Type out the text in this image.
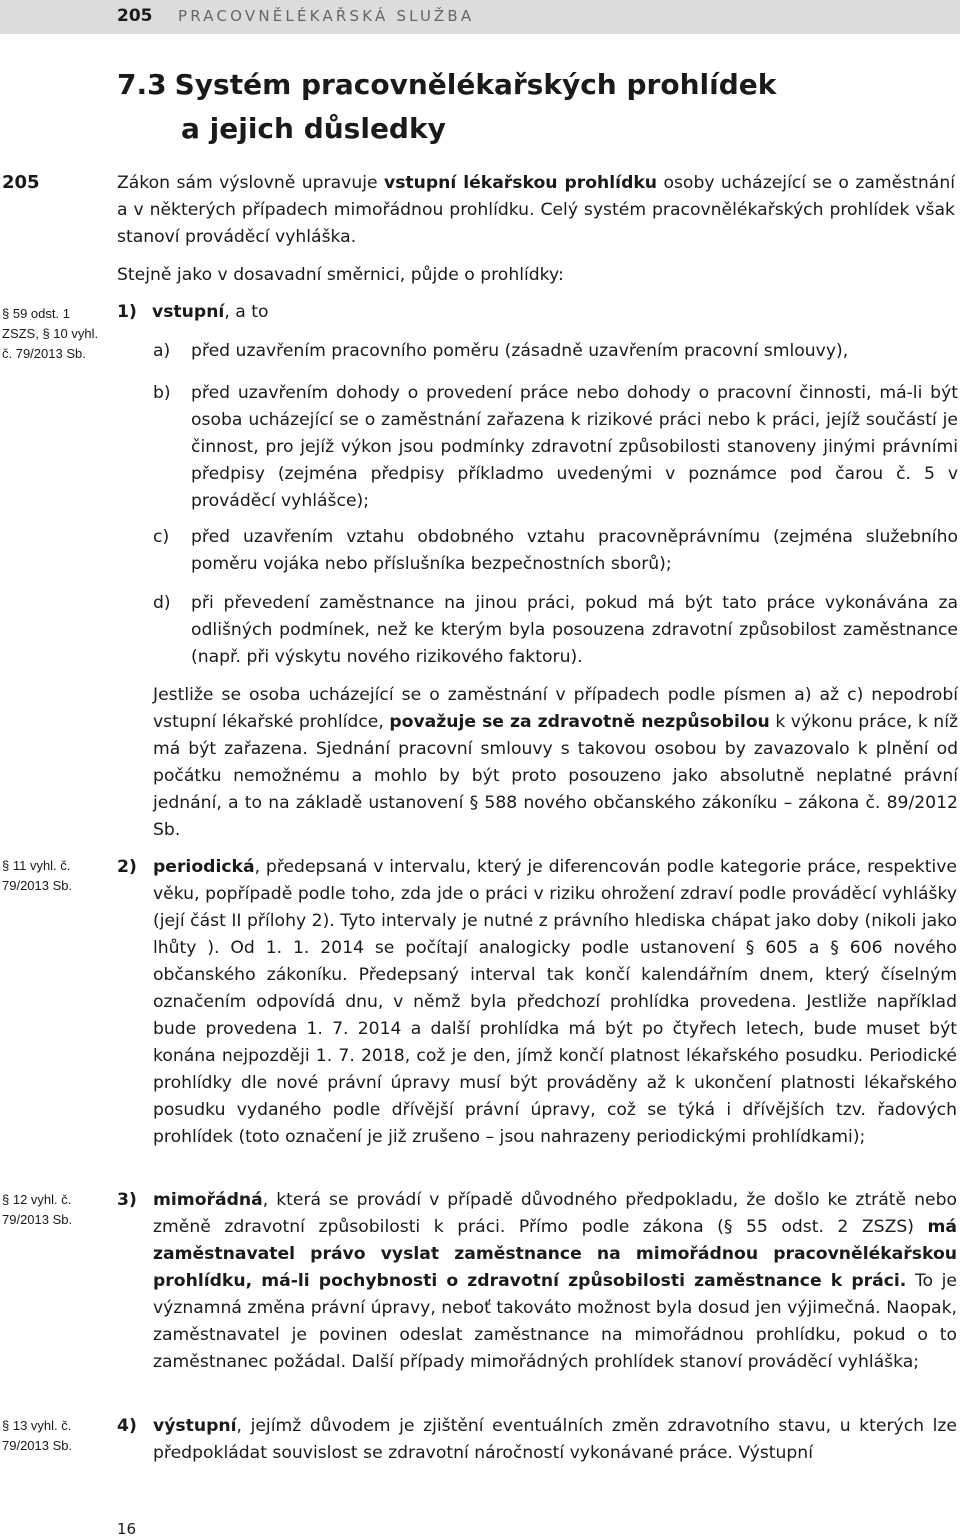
205 PRACOVNĚLÉKAŘSKÁ SLUŽBA
7.3 Systém pracovnělékařských prohlídek
a jejich důsledky
205
§ 59 odst. 1
ZSZS, § 10 vyhl.
č. 79/2013 Sb.
§ 11 vyhl. č.
79/2013 Sb.
§ 12 vyhl. č.
79/2013 Sb.
§ 13 vyhl. č.
79/2013 Sb.
Zákon sám výslovně upravuje vstupní lékařskou prohlídku osoby ucházející se o zaměstnání a v některých případech mimořádnou prohlídku. Celý systém pracovnělékařských prohlídek však stanoví prováděcí vyhláška.
Stejně jako v dosavadní směrnici, půjde o prohlídky:
1) vstupní, a to
a)	před uzavřením pracovního poměru (zásadně uzavřením pracovní smlouvy),
b)	před uzavřením dohody o provedení práce nebo dohody o pracovní činnosti, má-li být osoba ucházející se o zaměstnání zařazena k rizikové práci nebo k práci, jejíž součástí je činnost, pro jejíž výkon jsou podmínky zdravotní způsobilosti stanoveny jinými právními předpisy (zejména předpisy příkladmo uvedenými v poznámce pod čarou č. 5 v prováděcí vyhlášce);
c)	před uzavřením vztahu obdobného vztahu pracovněprávnímu (zejména služebního poměru vojáka nebo příslušníka bezpečnostních sborů);
d)	při převedení zaměstnance na jinou práci, pokud má být tato práce vykonávána za odlišných podmínek, než ke kterým byla posouzena zdravotní způsobilost zaměstnance (např. při výskytu nového rizikového faktoru).
Jestliže se osoba ucházející se o zaměstnání v případech podle písmen a) až c) nepodrobí vstupní lékařské prohlídce, považuje se za zdravotně nezpůsobilou k výkonu práce, k níž má být zařazena. Sjednání pracovní smlouvy s takovou osobou by zavazovalo k plnění od počátku nemožnému a mohlo by být proto posouzeno jako absolutně neplatné právní jednání, a to na základě ustanovení § 588 nového občanského zákoníku – zákona č. 89/2012 Sb.
2) periodická, předepsaná v intervalu, který je diferencován podle kategorie práce, respektive věku, popřípadě podle toho, zda jde o práci v riziku ohrožení zdraví podle prováděcí vyhlášky (její část II přílohy 2). Tyto intervaly je nutné z právního hlediska chápat jako doby (nikoli jako lhůty ). Od 1. 1. 2014 se počítají analogicky podle ustanovení § 605 a § 606 nového občanského zákoníku. Předepsaný interval tak končí kalendářním dnem, který číselným označením odpovídá dnu, v němž byla předchozí prohlídka provedena. Jestliže například bude provedena 1. 7. 2014 a další prohlídka má být po čtyřech letech, bude muset být konána nejpozději 1. 7. 2018, což je den, jímž končí platnost lékařského posudku. Periodické prohlídky dle nové právní úpravy musí být prováděny až k ukončení platnosti lékařského posudku vydaného podle dřívější právní úpravy, což se týká i dřívějších tzv. řadových prohlídek (toto označení je již zrušeno – jsou nahrazeny periodickými prohlídkami);
3) mimořádná, která se provádí v případě důvodného předpokladu, že došlo ke ztrátě nebo změně zdravotní způsobilosti k práci. Přímo podle zákona (§ 55 odst. 2 ZSZS) má zaměstnavatel právo vyslat zaměstnance na mimořádnou pracovnělékařskou prohlídku, má-li pochybnosti o zdravotní způsobilosti zaměstnance k práci. To je významná změna právní úpravy, neboť takováto možnost byla dosud jen výjimečná. Naopak, zaměstnavatel je povinen odeslat zaměstnance na mimořádnou prohlídku, pokud o to zaměstnanec požádal. Další případy mimořádných prohlídek stanoví prováděcí vyhláška;
4) výstupní, jejímž důvodem je zjištění eventuálních změn zdravotního stavu, u kterých lze předpokládat souvislost se zdravotní náročností vykonávané práce. Výstupní
16
